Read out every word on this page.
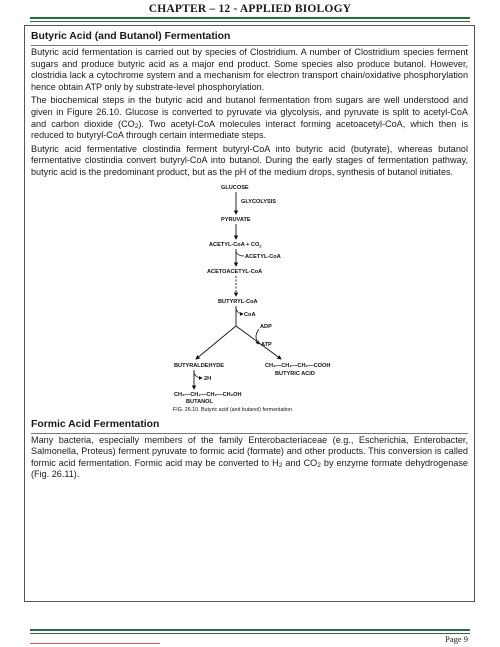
CHAPTER – 12 - APPLIED BIOLOGY
Butyric Acid (and Butanol) Fermentation

Butyric acid fermentation is carried out by species of Clostridium. A number of Clostridium species ferment sugars and produce butyric acid as a major end product. Some species also produce butanol. However, clostridia lack a cytochrome system and a mechanism for electron transport chain/oxidative phosphorylation hence obtain ATP only by substrate-level phosphorylation.

The biochemical steps in the butyric acid and butanol fermentation from sugars are well understood and given in Figure 26.10. Glucose is converted to pyruvate via glycolysis, and pyruvate is split to acetyl-CoA and carbon dioxide $(CO_2)$. Two acetyl-CoA molecules interact forming acetoacetyl-CoA, which then is reduced to butyryl-CoA through certain intermediate steps.

Butyric acid fermentative clostindia ferment butyryl-CoA into butyric acid (butyrate), whereas butanol fermentative clostindia convert butyryl-CoA into butanol. During the early stages of fermentation pathway, butyric acid is the predominant product, but as the pH of the medium drops, synthesis of butanol initiates.

GLUCOSE
GLYCOLYSIS
PYRUVATE
ACETYL-CoA + $CO_2$
ACETYL-CoA
ACETOACETYL-CoA
BUTYRYL-CoA
CoA
ADP
ATP
BUTYRALDEHYDE	CH₃—CH₂—CH₂—COOH
BUTYRIC ACID
2H
CH₃—CH₂—CH₂—CH₂OH
BUTANOL
FIG. 26.10. Butyric acid (and butanol) fermentation
Formic Acid Fermentation

Many bacteria, especially members of the family Enterobacteriaceae (e.g., Escherichia, Enterobacter, Salmonella, Proteus) ferment pyruvate to formic acid (formate) and other products. This conversion is called formic acid fermentation. Formic acid may be converted to $H_2$ and $CO_2$ by enzyme formate dehydrogenase (Fig. 26.11).

Page 9
